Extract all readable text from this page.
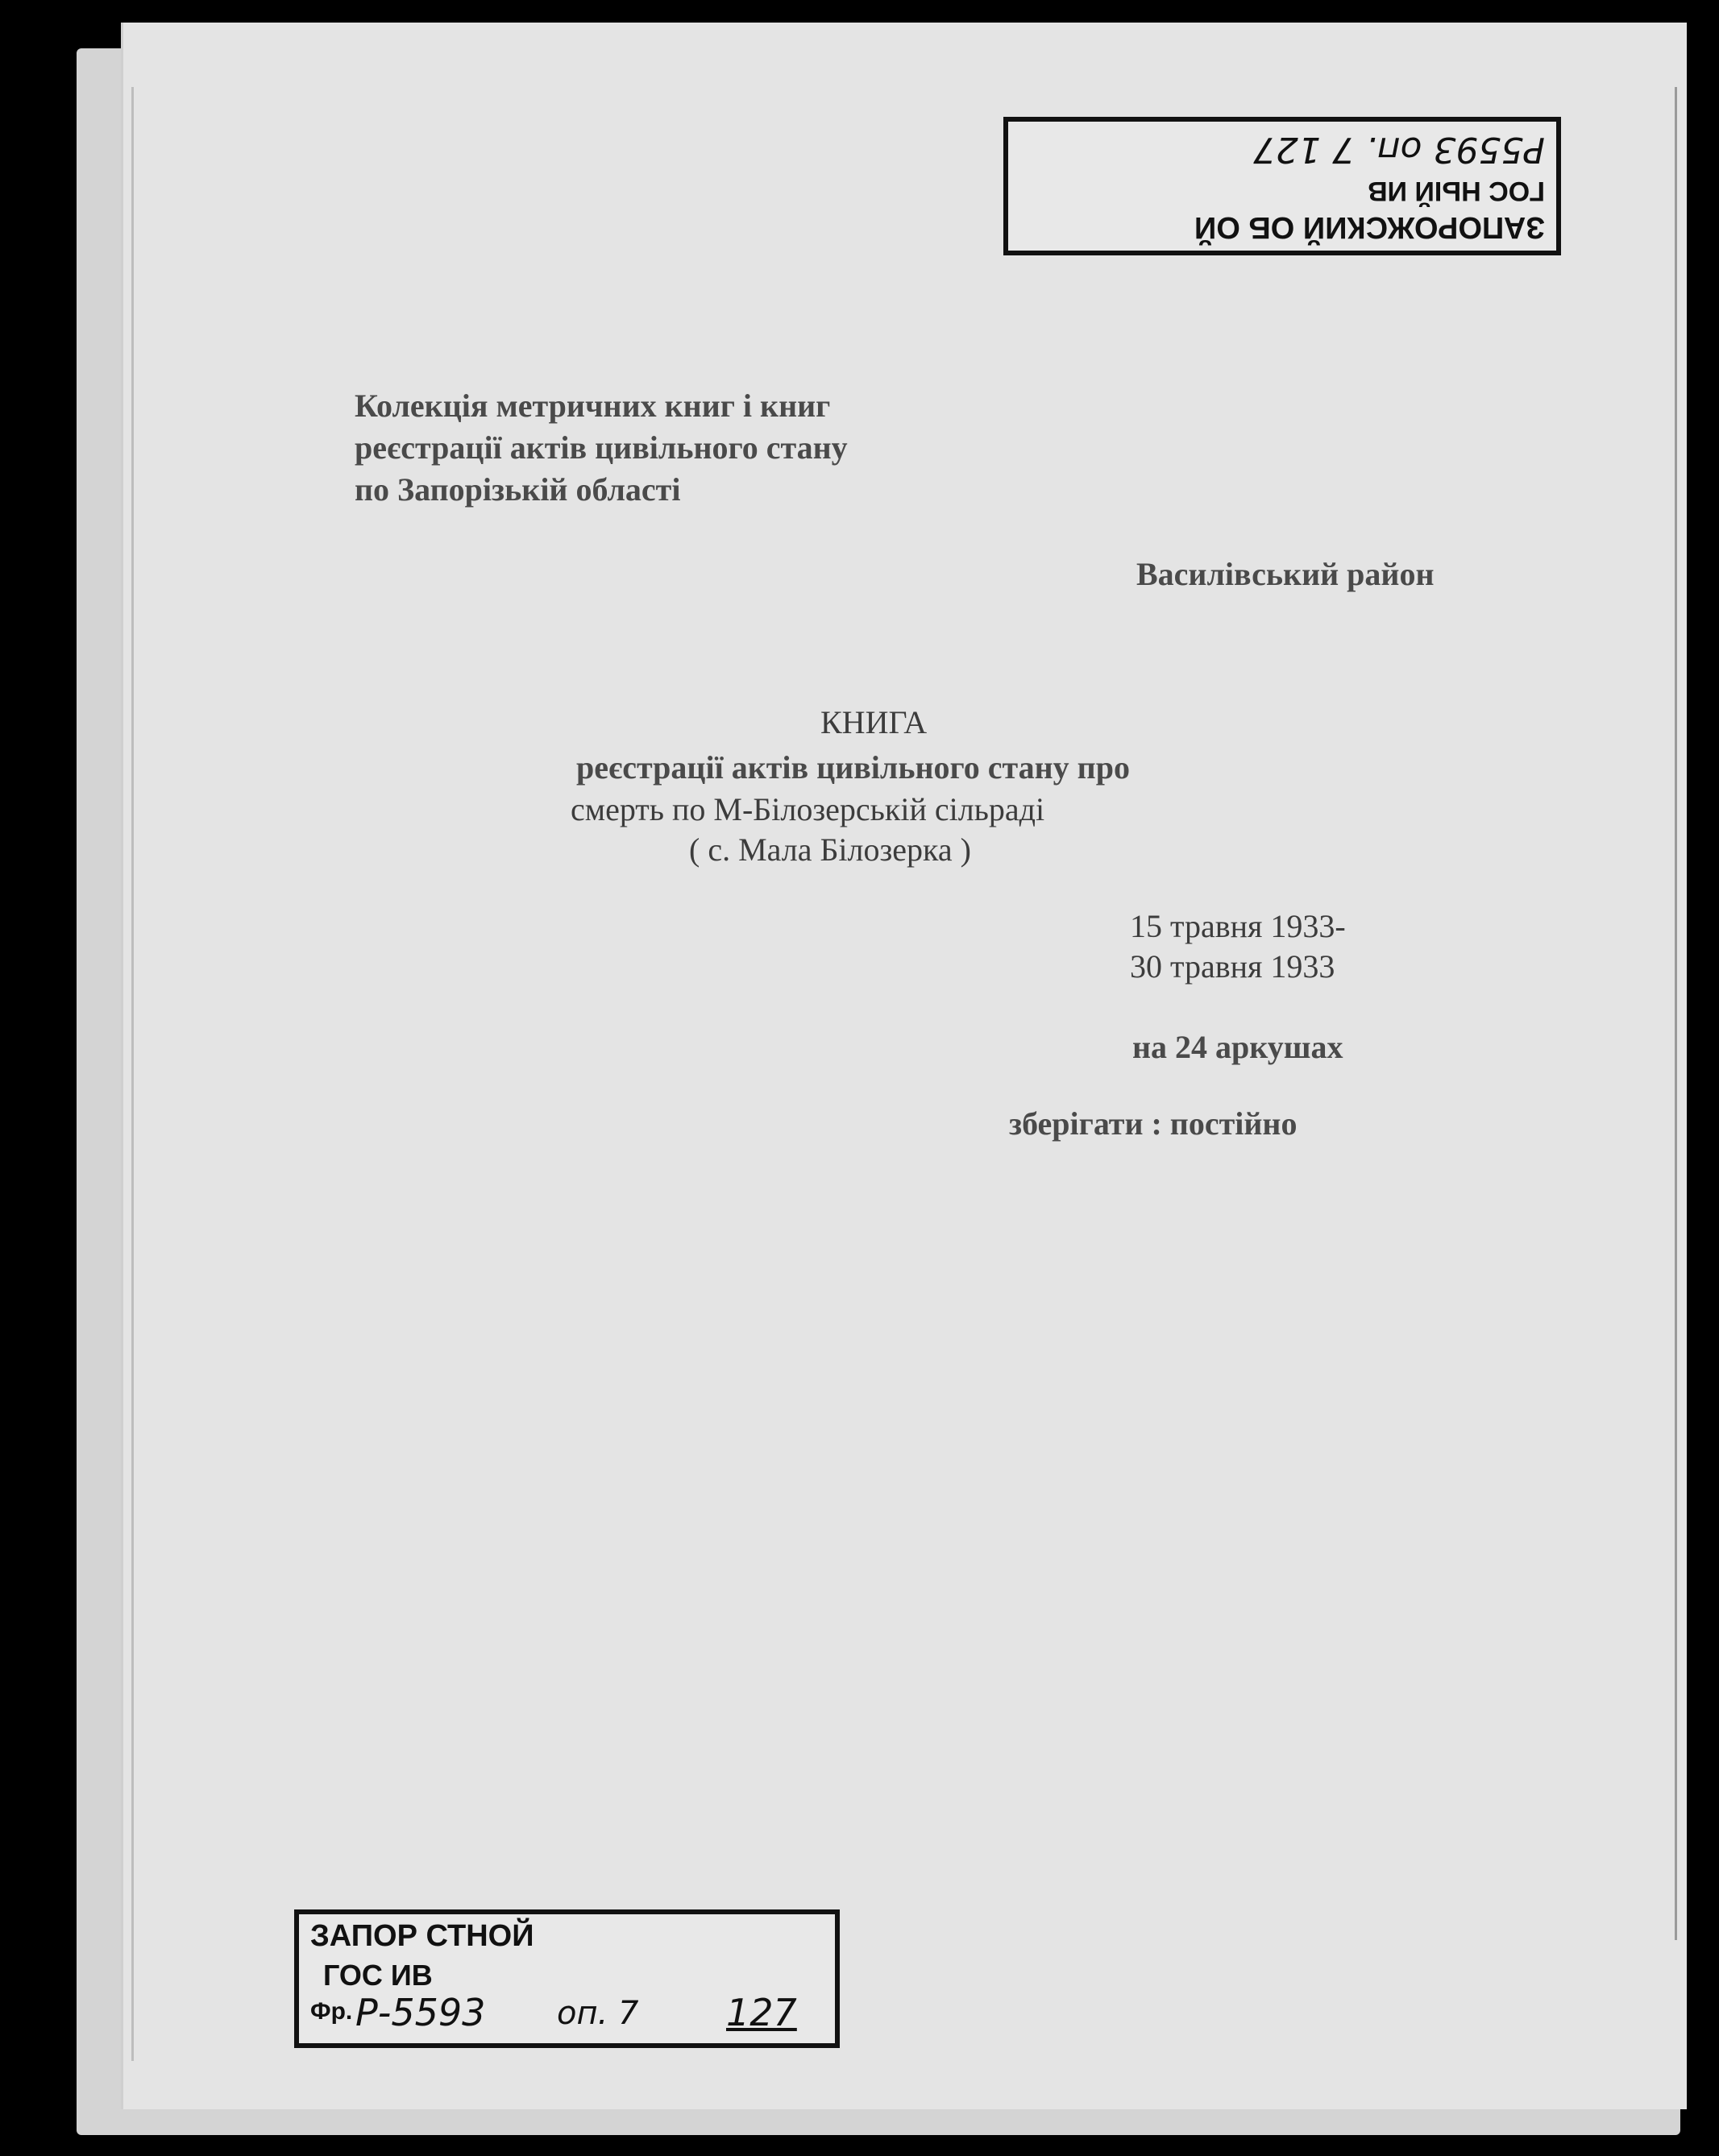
ЗАПОРОЖСКИЙ ОБ ОЙ
ГОС НЫЙ ИВ
Р5593 оп. 7 127
Колекція метричних книг і книг
реєстрації актів цивільного стану
по Запорізькій області
Василівський район
КНИГА
реєстрації актів цивільного стану про
смерть по М-Білозерській сільраді
( с. Мала Білозерка )
15 травня 1933-
30 травня 1933
на 24 аркушах
зберігати : постійно
ЗАПОР СТНОЙ
ГОС ИВ
Фр. Р-5593 оп. 7 127
